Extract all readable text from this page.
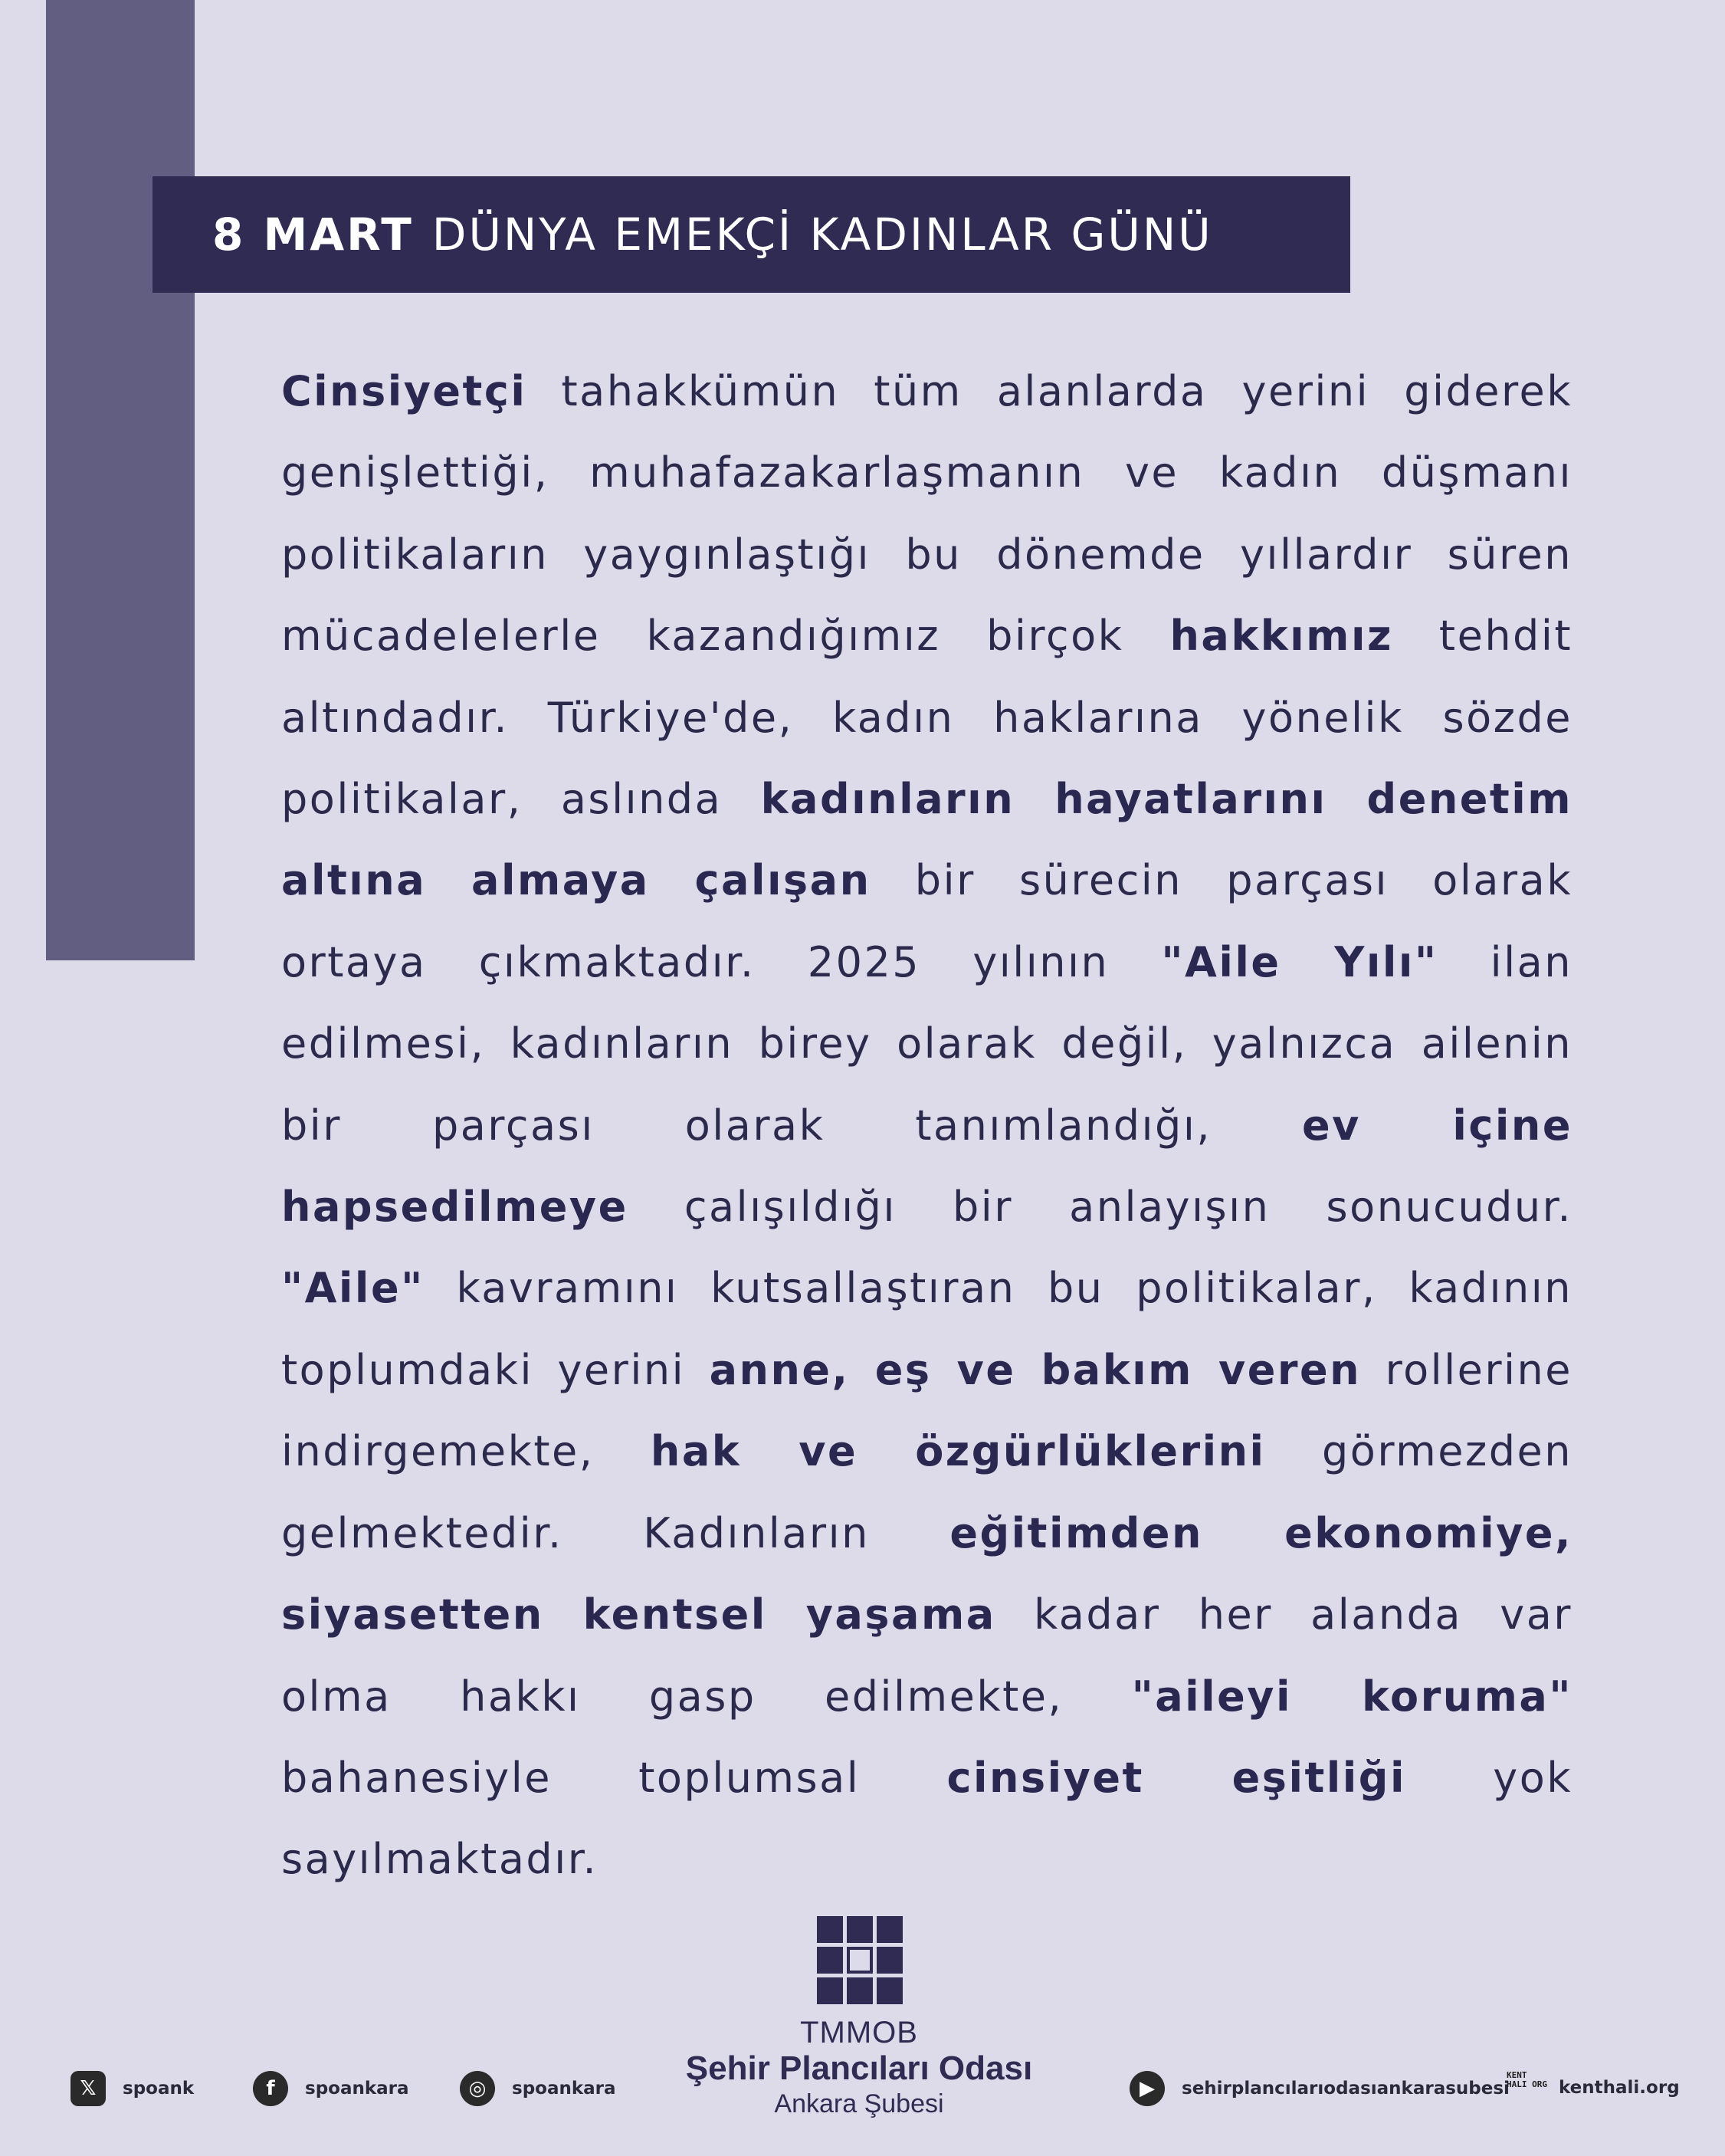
8 MART DÜNYA EMEKÇİ KADINLAR GÜNÜ
Cinsiyetçi tahakkümün tüm alanlarda yerini giderek genişlettiği, muhafazakarlaşmanın ve kadın düşmanı politikaların yaygınlaştığı bu dönemde yıllardır süren mücadelelerle kazandığımız birçok hakkımız tehdit altındadır. Türkiye'de, kadın haklarına yönelik sözde politikalar, aslında kadınların hayatlarını denetim altına almaya çalışan bir sürecin parçası olarak ortaya çıkmaktadır. 2025 yılının "Aile Yılı" ilan edilmesi, kadınların birey olarak değil, yalnızca ailenin bir parçası olarak tanımlandığı, ev içine hapsedilmeye çalışıldığı bir anlayışın sonucudur. "Aile" kavramını kutsallaştıran bu politikalar, kadının toplumdaki yerini anne, eş ve bakım veren rollerine indirgemekte, hak ve özgürlüklerini görmezden gelmektedir. Kadınların eğitimden ekonomiye, siyasetten kentsel yaşama kadar her alanda var olma hakkı gasp edilmekte, "aileyi koruma" bahanesiyle toplumsal cinsiyet eşitliği yok sayılmaktadır.
TMMOB
Şehir Plancıları Odası
Ankara Şubesi
𝕏	spoank	f	spoankara	◎	spoankara	▶	sehirplancılarıodasıankarasubesi
KENT HALI ORG kenthali.org
